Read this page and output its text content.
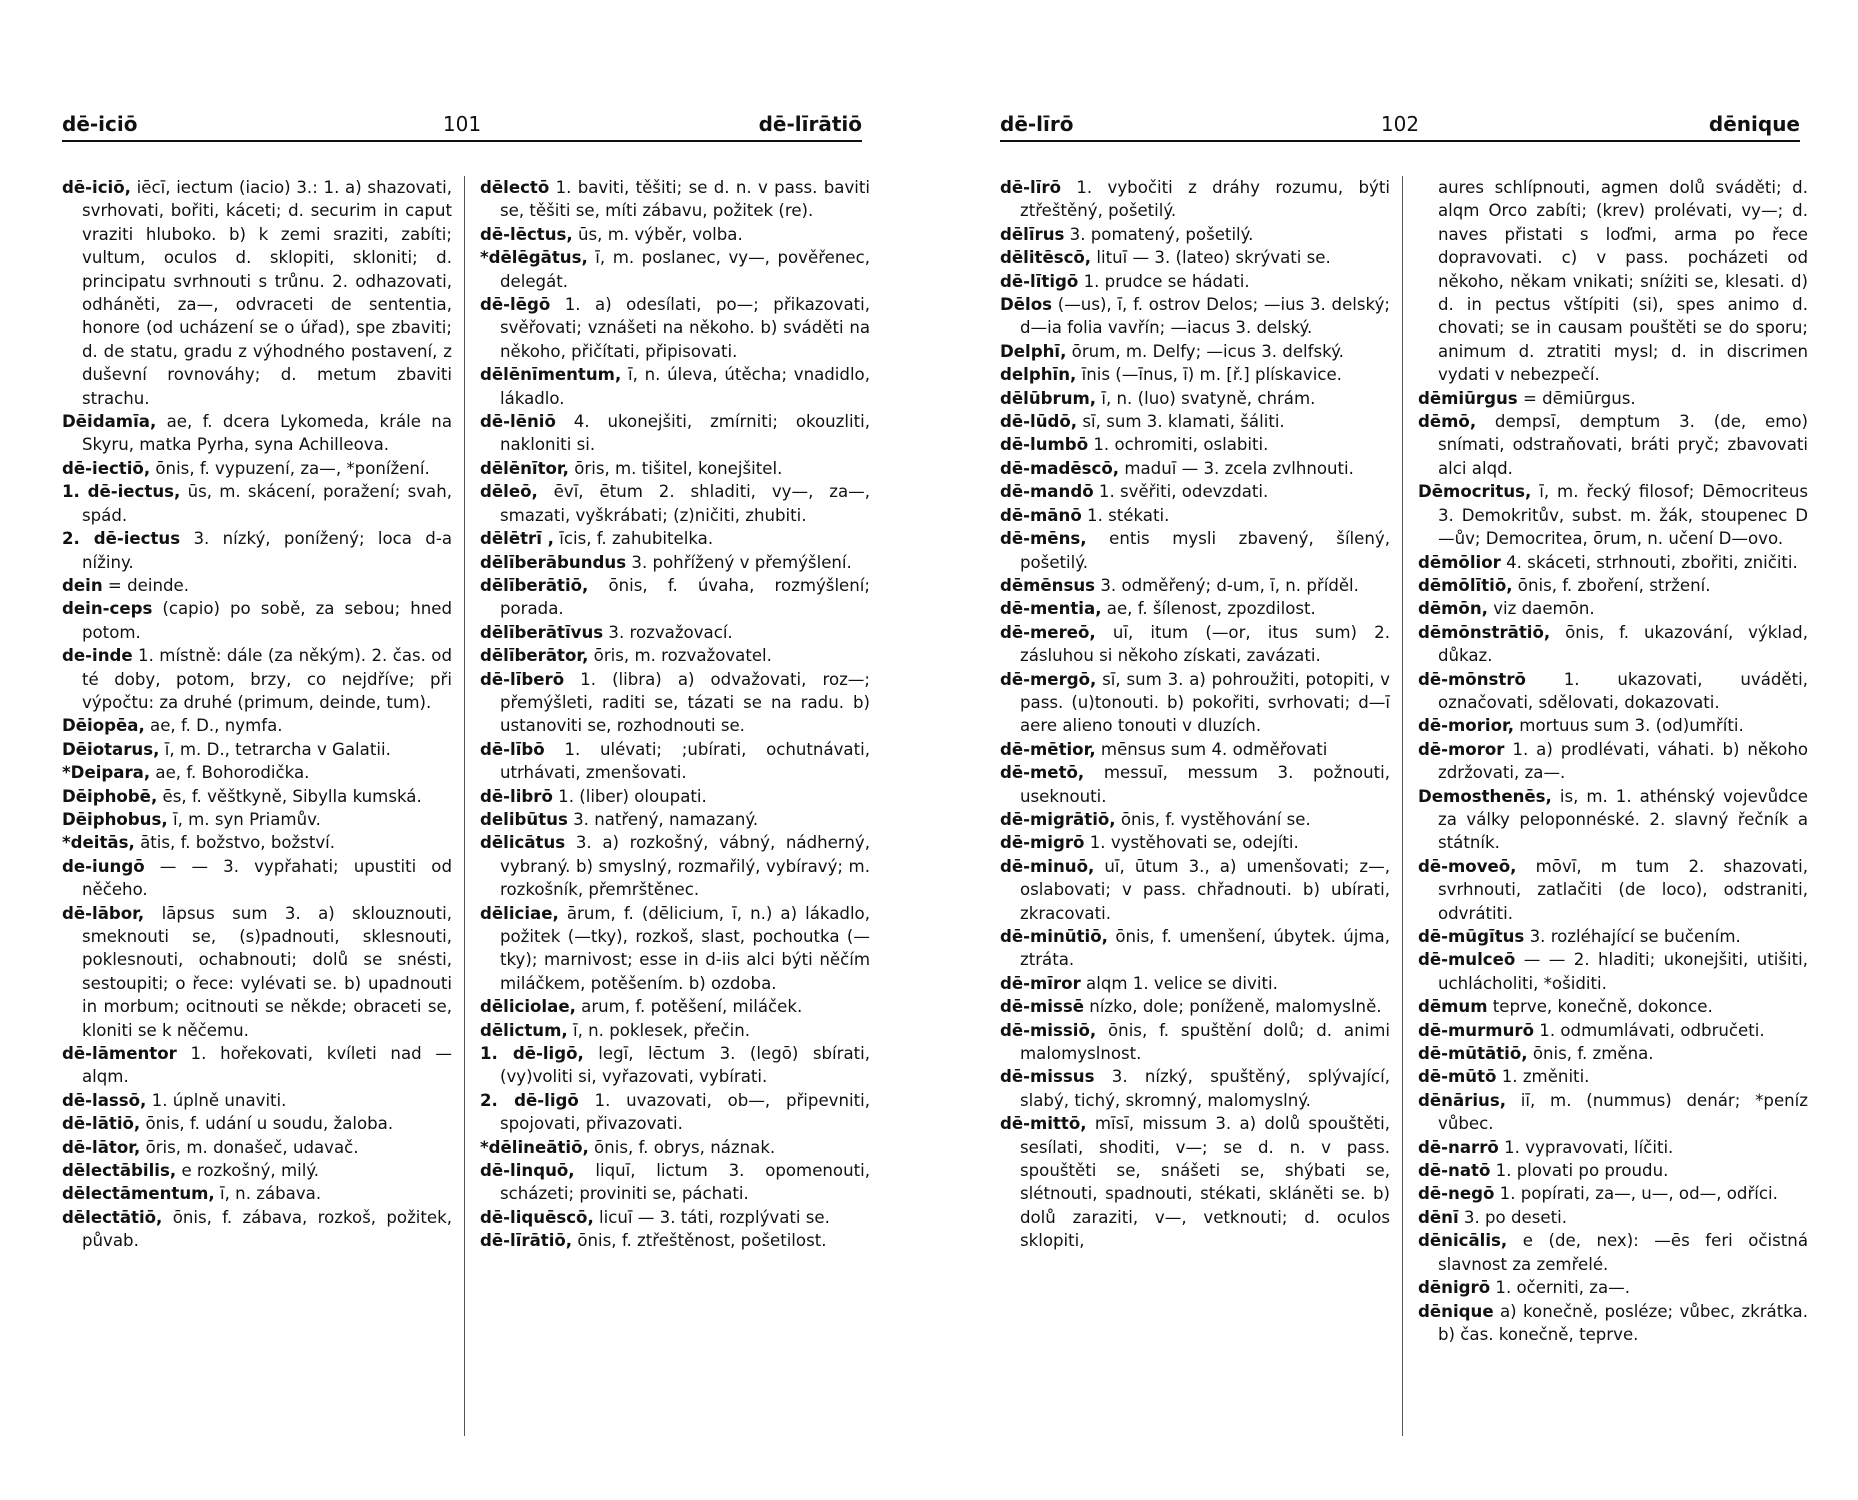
101
dē-iciō	dē-līrātiō

dē-iciō, iēcī, iectum (iacio) 3.: 1. a) shazovati, svrhovati, bořiti, káceti; d. securim in caput vraziti hluboko. b) k zemi sraziti, zabíti; vultum, oculos d. sklopiti, skloniti; d. principatu svrhnouti s trůnu. 2. odhazovati, odháněti, za—, odvraceti de sententia, honore (od ucházení se o úřad), spe zbaviti; d. de statu, gradu z výhodného postavení, z duševní rovnováhy; d. metum zbaviti strachu.

Dēidamīa, ae, f. dcera Lykomeda, krále na Skyru, matka Pyrha, syna Achilleova.

dē-iectiō, ōnis, f. vypuzení, za—, *ponížení.

1. dē-iectus, ūs, m. skácení, poražení; svah, spád.

2. dē-iectus 3. nízký, ponížený; loca d-a nížiny.

dein = deinde.

dein-ceps (capio) po sobě, za sebou; hned potom.

de-inde 1. místně: dále (za někým). 2. čas. od té doby, potom, brzy, co nejdříve; při výpočtu: za druhé (primum, deinde, tum).

Dēiopēa, ae, f. D., nymfa.

Dēiotarus, ī, m. D., tetrarcha v Galatii.

*Deipara, ae, f. Bohorodička.

Dēiphobē, ēs, f. věštkyně, Sibylla kumská.

Dēiphobus, ī, m. syn Priamův.

*deitās, ātis, f. božstvo, božství.

de-iungō — — 3. vypřahati; upustiti od něčeho.

dē-lābor, lāpsus sum 3. a) sklouznouti, smeknouti se, (s)padnouti, sklesnouti, poklesnouti, ochabnouti; dolů se snésti, sestoupiti; o řece: vylévati se. b) upadnouti in morbum; ocitnouti se někde; obraceti se, kloniti se k něčemu.

dē-lāmentor 1. hořekovati, kvíleti nad — alqm.

dē-lassō, 1. úplně unaviti.

dē-lātiō, ōnis, f. udání u soudu, žaloba.

dē-lātor, ōris, m. donašeč, udavač.

dēlectābilis, e rozkošný, milý.

dēlectāmentum, ī, n. zábava.

dēlectātiō, ōnis, f. zábava, rozkoš, požitek, půvab.

dēlectō 1. baviti, těšiti; se d. n. v pass. baviti se, těšiti se, míti zábavu, požitek (re).

dē-lēctus, ūs, m. výběr, volba.

*dēlēgātus, ī, m. poslanec, vy—, pověřenec, delegát.

dē-lēgō 1. a) odesílati, po—; přikazovati, svěřovati; vznášeti na někoho. b) sváděti na někoho, přičítati, připisovati.

dēlēnīmentum, ī, n. úleva, útěcha; vnadidlo, lákadlo.

dē-lēniō 4. ukonejšiti, zmírniti; okouzliti, nakloniti si.

dēlēnītor, ōris, m. tišitel, konejšitel.

dēleō, ēvī, ētum 2. shladiti, vy—, za—, smazati, vyškrábati; (z)ničiti, zhubiti.

dēlētrī , īcis, f. zahubitelka.

dēlīberābundus 3. pohřížený v přemýšlení.

dēlīberātiō, ōnis, f. úvaha, rozmýšlení; porada.

dēlīberātīvus 3. rozvažovací.

dēlīberātor, ōris, m. rozvažovatel.

dē-līberō 1. (libra) a) odvažovati, roz—; přemýšleti, raditi se, tázati se na radu. b) ustanoviti se, rozhodnouti se.

dē-lībō 1. ulévati; ;ubírati, ochutnávati, utrhávati, zmenšovati.

dē-librō 1. (liber) oloupati.

delibūtus 3. natřený, namazaný.

dēlicātus 3. a) rozkošný, vábný, nádherný, vybraný. b) smyslný, rozmařilý, vybíravý; m. rozkošník, přemrštěnec.

dēliciae, ārum, f. (dēlicium, ī, n.) a) lákadlo, požitek (—tky), rozkoš, slast, pochoutka (—tky); marnivost; esse in d-iis alci býti něčím miláčkem, potěšením. b) ozdoba.

dēliciolae, arum, f. potěšení, miláček.

dēlictum, ī, n. poklesek, přečin.

1. dē-ligō, legī, lēctum 3. (legō) sbírati, (vy)voliti si, vyřazovati, vybírati.

2. dē-ligō 1. uvazovati, ob—, připevniti, spojovati, přivazovati.

*dēlineātiō, ōnis, f. obrys, náznak.

dē-linquō, liquī, lictum 3. opomenouti, scházeti; proviniti se, páchati.

dē-liquēscō, licuī — 3. táti, rozplývati se.

dē-līrātiō, ōnis, f. ztřeštěnost, pošetilost.

102
dē-līrō	dēnique

dē-līrō 1. vybočiti z dráhy rozumu, býti ztřeštěný, pošetilý.

dēlīrus 3. pomatený, pošetilý.

dēlitēscō, lituī — 3. (lateo) skrývati se.

dē-lītigō 1. prudce se hádati.

Dēlos (—us), ī, f. ostrov Delos; —ius 3. delský; d—ia folia vavřín; —iacus 3. delský.

Delphī, ōrum, m. Delfy; —icus 3. delfský.

delphīn, īnis (—īnus, ī) m. [ř.] plískavice.

dēlūbrum, ī, n. (luo) svatyně, chrám.

dē-lūdō, sī, sum 3. klamati, šáliti.

dē-lumbō 1. ochromiti, oslabiti.

dē-madēscō, maduī — 3. zcela zvlhnouti.

dē-mandō 1. svěřiti, odevzdati.

dē-mānō 1. stékati.

dē-mēns, entis mysli zbavený, šílený, pošetilý.

dēmēnsus 3. odměřený; d-um, ī, n. příděl.

dē-mentia, ae, f. šílenost, zpozdilost.

dē-mereō, uī, itum (—or, itus sum) 2. zásluhou si někoho získati, zavázati.

dē-mergō, sī, sum 3. a) pohroužiti, potopiti, v pass. (u)tonouti. b) pokořiti, svrhovati; d—ī aere alieno tonouti v dluzích.

dē-mētior, mēnsus sum 4. odměřovati

dē-metō, messuī, messum 3. požnouti, useknouti.

dē-migrātiō, ōnis, f. vystěhování se.

dē-migrō 1. vystěhovati se, odejíti.

dē-minuō, uī, ūtum 3., a) umenšovati; z—, oslabovati; v pass. chřadnouti. b) ubírati, zkracovati.

dē-minūtiō, ōnis, f. umenšení, úbytek. újma, ztráta.

dē-mīror alqm 1. velice se diviti.

dē-missē nízko, dole; poníženě, malomyslně.

dē-missiō, ōnis, f. spuštění dolů; d. animi malomyslnost.

dē-missus 3. nízký, spuštěný, splývající, slabý, tichý, skromný, malomyslný.

dē-mittō, mīsī, missum 3. a) dolů spouštěti, sesílati, shoditi, v—; se d. n. v pass. spouštěti se, snášeti se, shýbati se, slétnouti, spadnouti, stékati, skláněti se. b) dolů zaraziti, v—, vetknouti; d. oculos sklopiti,

aures schlípnouti, agmen dolů sváděti; d. alqm Orco zabíti; (krev) prolévati, vy—; d. naves přistati s loďmi, arma po řece dopravovati. c) v pass. pocházeti od někoho, někam vnikati; sníżiti se, klesati. d) d. in pectus vštípiti (si), spes animo d. chovati; se in causam pouštěti se do sporu; animum d. ztratiti mysl; d. in discrimen vydati v nebezpečí.

dēmiūrgus = dēmiūrgus.

dēmō, dempsī, demptum 3. (de, emo) snímati, odstraňovati, bráti pryč; zbavovati alci alqd.

Dēmocritus, ī, m. řecký filosof; Dēmocriteus 3. Demokritův, subst. m. žák, stoupenec D—ův; Democritea, ōrum, n. učení D—ovo.

dēmōlior 4. skáceti, strhnouti, zbořiti, zničiti.

dēmōlītiō, ōnis, f. zboření, stržení.

dēmōn, viz daemōn.

dēmōnstrātiō, ōnis, f. ukazování, výklad, důkaz.

dē-mōnstrō 1. ukazovati, uváděti, označovati, sdělovati, dokazovati.

dē-morior, mortuus sum 3. (od)umříti.

dē-moror 1. a) prodlévati, váhati. b) někoho zdržovati, za—.

Demosthenēs, is, m. 1. athénský vojevůdce za války peloponnéské. 2. slavný řečník a státník.

dē-moveō, mōvī, m tum 2. shazovati, svrhnouti, zatlačiti (de loco), odstraniti, odvrátiti.

dē-mūgītus 3. rozléhající se bučením.

dē-mulceō — — 2. hladiti; ukonejšiti, utišiti, uchlácholiti, *ošiditi.

dēmum teprve, konečně, dokonce.

dē-murmurō 1. odmumlávati, odbručeti.

dē-mūtātiō, ōnis, f. změna.

dē-mūtō 1. změniti.

dēnārius, iī, m. (nummus) denár; *peníz vůbec.

dē-narrō 1. vypravovati, líčiti.

dē-natō 1. plovati po proudu.

dē-negō 1. popírati, za—, u—, od—, odříci.

dēnī 3. po deseti.

dēnicālis, e (de, nex): —ēs feri očistná slavnost za zemřelé.

dēnigrō 1. očerniti, za—.

dēnique a) konečně, posléze; vůbec, zkrátka. b) čas. konečně, teprve.
